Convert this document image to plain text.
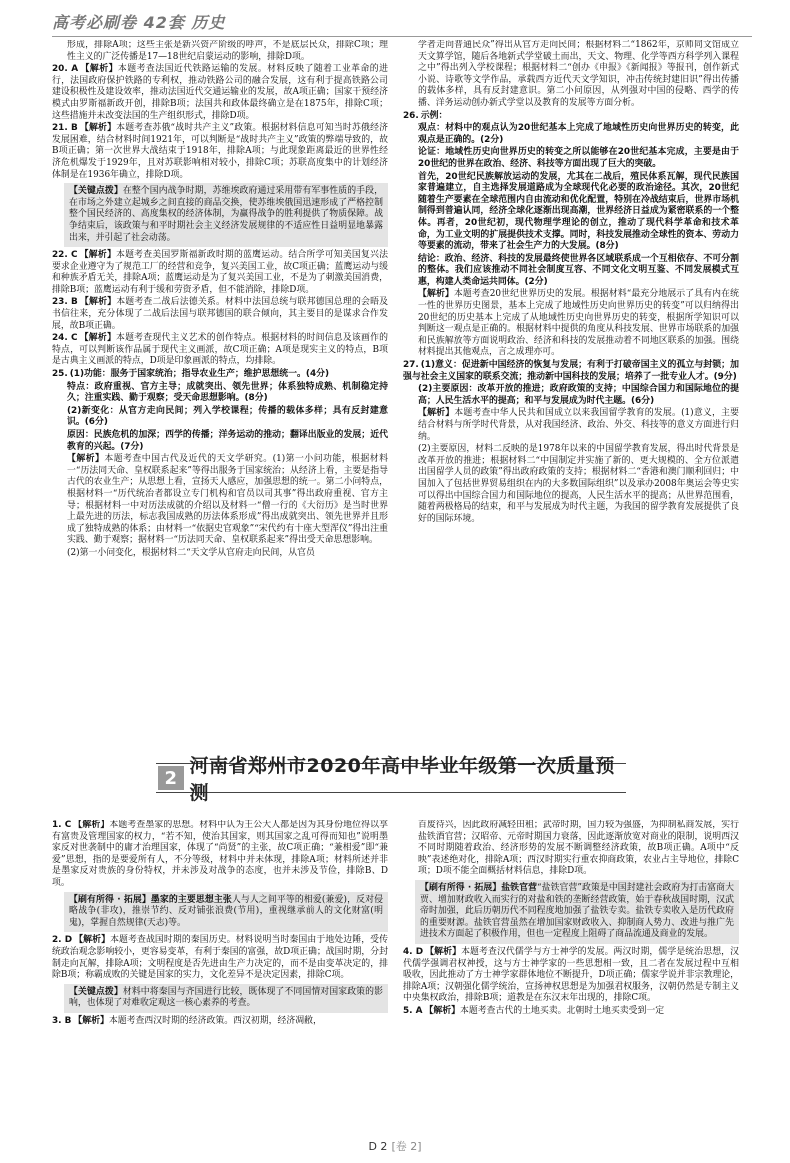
高考必刷卷 42套 历史
形成，排除A项；这些主张是新兴资产阶级的呼声，不是底层民众，排除C项；理性主义的广泛传播是17—18世纪启蒙运动的影响，排除D项。
20. A 【解析】本题考查法国近代铁路运输的发展。材料反映了随着工业革命的进行，法国政府保护铁路的专利权，推动铁路公司的融合发展，这有利于提高铁路公司建设积极性及建设效率，推动法国近代交通运输业的发展，故A项正确；国家干预经济模式由罗斯福新政开创，排除B项；法国共和政体最终确立是在1875年，排除C项；这些措施并未改变法国的生产组织形式，排除D项。
21. B 【解析】本题考查苏俄“战时共产主义”政策。根据材料信息可知当时苏俄经济发展困难，结合材料时间1921年，可以判断是“战时共产主义”政策的弊端导致的，故B项正确；第一次世界大战结束于1918年，排除A项；与此现象距离最近的世界性经济危机爆发于1929年，且对苏联影响相对较小，排除C项；苏联高度集中的计划经济体制是在1936年确立，排除D项。
【关键点拨】在整个国内战争时期，苏维埃政府通过采用带有军事性质的手段，在市场之外建立起城乡之间直接的商品交换，使苏维埃俄国迅速形成了严格控制整个国民经济的、高度集权的经济体制，为赢得战争的胜利提供了物质保障。战争结束后，该政策与和平时期社会主义经济发展规律的不适应性日益明显地暴露出来，并引起了社会动荡。
22. C 【解析】本题考查美国罗斯福新政时期的蓝鹰运动。结合所学可知美国复兴法要求企业遵守为了规范工厂的经营和竞争，复兴美国工业，故C项正确；蓝鹰运动与缓和种族矛盾无关，排除A项；蓝鹰运动是为了复兴美国工业，不是为了刺激美国消费，排除B项；蓝鹰运动有利于缓和劳资矛盾，但不能消除，排除D项。
23. B 【解析】本题考查二战后法德关系。材料中法国总统与联邦德国总理的会晤及书信往来，充分体现了二战后法国与联邦德国的联合倾向，其主要目的是谋求合作发展，故B项正确。
24. C 【解析】本题考查现代主义艺术的创作特点。根据材料的时间信息及该画作的特点，可以判断该作品属于现代主义画派，故C项正确；A项是现实主义的特点，B项是古典主义画派的特点，D项是印象画派的特点，均排除。
25. (1)功能：服务于国家统治；指导农业生产；维护思想统一。(4分)
特点：政府重视、官方主导；成就突出、领先世界；体系独特成熟、机制稳定持久；注重实践、勤于观察；受天命思想影响。(8分)
(2)新变化：从官方走向民间；列入学校课程；传播的载体多样；具有反封建意识。(6分)
原因：民族危机的加深；西学的传播；洋务运动的推动；翻译出版业的发展；近代教育的兴起。(7分)
【解析】本题考查中国古代及近代的天文学研究。(1)第一小问功能，根据材料一“历法同天命、皇权联系起来”等得出服务于国家统治；从经济上看，主要是指导古代的农业生产；从思想上看，宣扬天人感应，加强思想的统一。第二小问特点，根据材料一“历代统治者都设立专门机构和官员以司其事”得出政府重视、官方主导；根据材料一中对历法成就的介绍以及材料一“僧一行的《大衍历》是当时世界上最先进的历法，标志我国成熟的历法体系形成”得出成就突出、领先世界并且形成了独特成熟的体系；由材料一“依据史官观象”“宋代约有十座大型浑仪”得出注重实践、勤于观察；据材料一“历法同天命、皇权联系起来”得出受天命思想影响。
(2)第一小问变化，根据材料二“天文学从官府走向民间，从官员
学者走向普通民众”得出从官方走向民间；根据材料二“1862年，京师同文馆成立天文算学馆，随后各地新式学堂破土而出，天文、物理、化学等西方科学列入课程之中”得出列入学校课程；根据材料二“创办《申报》《新闻报》等报刊，创作新式小说、诗歌等文学作品，承载西方近代天文学知识，冲击传统封建旧识”得出传播的载体多样，具有反封建意识。第二小问原因，从列强对中国的侵略、西学的传播、洋务运动创办新式学堂以及教育的发展等方面分析。
26. 示例：
观点：材料中的观点认为20世纪基本上完成了地域性历史向世界历史的转变，此观点是正确的。(2分)
论证：地域性历史向世界历史的转变之所以能够在20世纪基本完成，主要是由于20世纪的世界在政治、经济、科技等方面出现了巨大的突破。
首先，20世纪民族解放运动的发展，尤其在二战后，殖民体系瓦解，现代民族国家普遍建立，自主选择发展道路成为全球现代化必要的政治途径。其次，20世纪随着生产要素在全球范围内自由流动和优化配置，特别在冷战结束后，世界市场机制得到普遍认同，经济全球化逐渐出现高潮，世界经济日益成为紧密联系的一个整体。再者，20世纪初，现代物理学理论的创立，推动了现代科学革命和技术革命，为工业文明的扩展提供技术支撑。同时，科技发展推动全球性的资本、劳动力等要素的流动，带来了社会生产力的大发展。(8分)
结论：政治、经济、科技的发展最终使世界各区域联系成一个互相依存、不可分割的整体。我们应该推动不同社会制度互容、不同文化文明互鉴、不同发展模式互惠，构建人类命运共同体。(2分)
【解析】本题考查20世纪世界历史的发展。根据材料“最充分地展示了具有内在统一性的世界历史图景，基本上完成了地域性历史向世界历史的转变”可以归纳得出20世纪的历史基本上完成了从地域性历史向世界历史的转变，根据所学知识可以判断这一观点是正确的。根据材料中提供的角度从科技发展、世界市场联系的加强和民族解放等方面说明政治、经济和科技的发展推动着不同地区联系的加强。围绕材料提出其他观点，言之成理亦可。
27. (1)意义：促进新中国经济的恢复与发展；有利于打破帝国主义的孤立与封锁；加强与社会主义国家的联系交流；推动新中国科技的发展；培养了一批专业人才。(9分)
(2)主要原因：改革开放的推进；政府政策的支持；中国综合国力和国际地位的提高；人民生活水平的提高；和平与发展成为时代主题。(6分)
【解析】本题考查中华人民共和国成立以来我国留学教育的发展。(1)意义，主要结合材料与所学时代背景，从对我国经济、政治、外交、科技等的意义方面进行归纳。
(2)主要原因，材料二反映的是1978年以来的中国留学教育发展，得出时代背景是改革开放的推进；根据材料二“中国制定并实施了新的、更大规模的、全方位派遣出国留学人员的政策”得出政府政策的支持；根据材料二“香港和澳门顺利回归；中国加入了包括世界贸易组织在内的大多数国际组织”以及承办2008年奥运会等史实可以得出中国综合国力和国际地位的提高，人民生活水平的提高；从世界范围看，随着两极格局的结束，和平与发展成为时代主题，为我国的留学教育发展提供了良好的国际环境。
2
河南省郑州市2020年高中毕业年级第一次质量预测
1. C 【解析】本题考查墨家的思想。材料中认为王公大人都是因为其身份地位得以享有富贵及管理国家的权力，“若不知，使治其国家，则其国家之乱可得而知也”说明墨家反对世袭制中的庸才治理国家，体现了“尚贤”的主张，故C项正确；“兼相爱”即“兼爱”思想，指的是要爱所有人，不分等级，材料中并未体现，排除A项；材料所述并非是墨家反对贵族的身份特权，并未涉及对战争的态度，也并未涉及节俭，排除B、D项。
【刷有所得 · 拓展】墨家的主要思想主张人与人之间平等的相爱(兼爱)，反对侵略战争(非攻)，推崇节约、反对铺张浪费(节用)，重视继承前人的文化财富(明鬼)，掌握自然规律(天志)等。
2. D 【解析】本题考查战国时期的秦国历史。材料说明当时秦国由于地处边陲，受传统政治观念影响较小，更容易变革，有利于秦国的富强，故D项正确；战国时期，分封制走向瓦解，排除A项；文明程度是否先进由生产力决定的，而不是由变革决定的，排除B项；称霸成败的关键是国家的实力，文化差异不是决定因素，排除C项。
【关键点拨】材料中将秦国与齐国进行比较，既体现了不同国情对国家政策的影响，也体现了对难收定观这一核心素养的考查。
3. B 【解析】本题考查西汉时期的经济政策。西汉初期，经济凋敝，
百废待兴，因此政府减轻田租；武帝时期，国力较为强盛，为抑制私商发展，实行盐铁酒官营；汉昭帝、元帝时期国力衰落，因此逐渐放宽对商业的限制，说明西汉不同时期随着政治、经济形势的发展不断调整经济政策，故B项正确。A项中“反映”表述绝对化，排除A项；西汉时期实行重农抑商政策，农业占主导地位，排除C项；D项不能全面概括材料信息，排除D项。
【刷有所得 · 拓展】盐铁官营“盐铁官营”政策是中国封建社会政府为打击富商大贾、增加财政收入而实行的对盐和铁的垄断经营政策，始于春秋战国时期，汉武帝时加强，此后历朝历代不同程度地加强了盐铁专卖。盐铁专卖收入是历代政府的重要财源。盐铁官营虽然在增加国家财政收入、抑制商人势力、改进与推广先进技术方面起了积极作用，但也一定程度上阻碍了商品流通及商业的发展。
4. D 【解析】本题考查汉代儒学与方士神学的发展。两汉时期，儒学是统治思想，汉代儒学强调君权神授，这与方士神学家的一些思想相一致，且二者在发展过程中互相吸收，因此推动了方士神学家群体地位不断提升，D项正确；儒家学说并非宗教理论，排除A项；汉朝强化儒学统治，宣扬神权思想是为加强君权服务，汉朝仍然是专制主义中央集权政治，排除B项；道教是在东汉末年出现的，排除C项。
5. A 【解析】本题考查古代的土地买卖。北朝时土地买卖受到一定
D 2 [卷 2]
